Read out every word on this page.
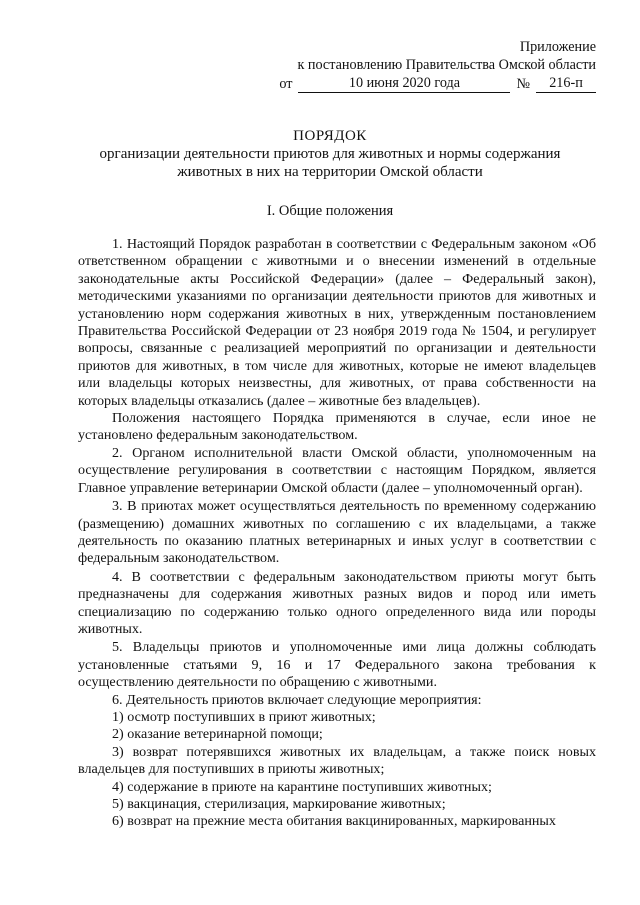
Приложение
к постановлению Правительства Омской области
от	10 июня 2020 года	№	216-п
ПОРЯДОК
организации деятельности приютов для животных и нормы содержания
животных в них на территории Омской области
I. Общие положения

1. Настоящий Порядок разработан в соответствии с Федеральным законом «Об ответственном обращении с животными и о внесении изменений в отдельные законодательные акты Российской Федерации» (далее – Федеральный закон), методическими указаниями по организации деятельности приютов для животных и установлению норм содержания животных в них, утвержденным постановлением Правительства Российской Федерации от 23 ноября 2019 года № 1504, и регулирует вопросы, связанные с реализацией мероприятий по организации и деятельности приютов для животных, в том числе для животных, которые не имеют владельцев или владельцы которых неизвестны, для животных, от права собственности на которых владельцы отказались (далее – животные без владельцев).

Положения настоящего Порядка применяются в случае, если иное не установлено федеральным законодательством.

2. Органом исполнительной власти Омской области, уполномоченным на осуществление регулирования в соответствии с настоящим Порядком, является Главное управление ветеринарии Омской области (далее – уполномоченный орган).

3. В приютах может осуществляться деятельность по временному содержанию (размещению) домашних животных по соглашению с их владельцами, а также деятельность по оказанию платных ветеринарных и иных услуг в соответствии с федеральным законодательством.

4. В соответствии с федеральным законодательством приюты могут быть предназначены для содержания животных разных видов и пород или иметь специализацию по содержанию только одного определенного вида или породы животных.

5. Владельцы приютов и уполномоченные ими лица должны соблюдать установленные статьями 9, 16 и 17 Федерального закона требования к осуществлению деятельности по обращению с животными.

6. Деятельность приютов включает следующие мероприятия:

1) осмотр поступивших в приют животных;

2) оказание ветеринарной помощи;

3) возврат потерявшихся животных их владельцам, а также поиск новых владельцев для поступивших в приюты животных;

4) содержание в приюте на карантине поступивших животных;

5) вакцинация, стерилизация, маркирование животных;

6) возврат на прежние места обитания вакцинированных, маркированных
